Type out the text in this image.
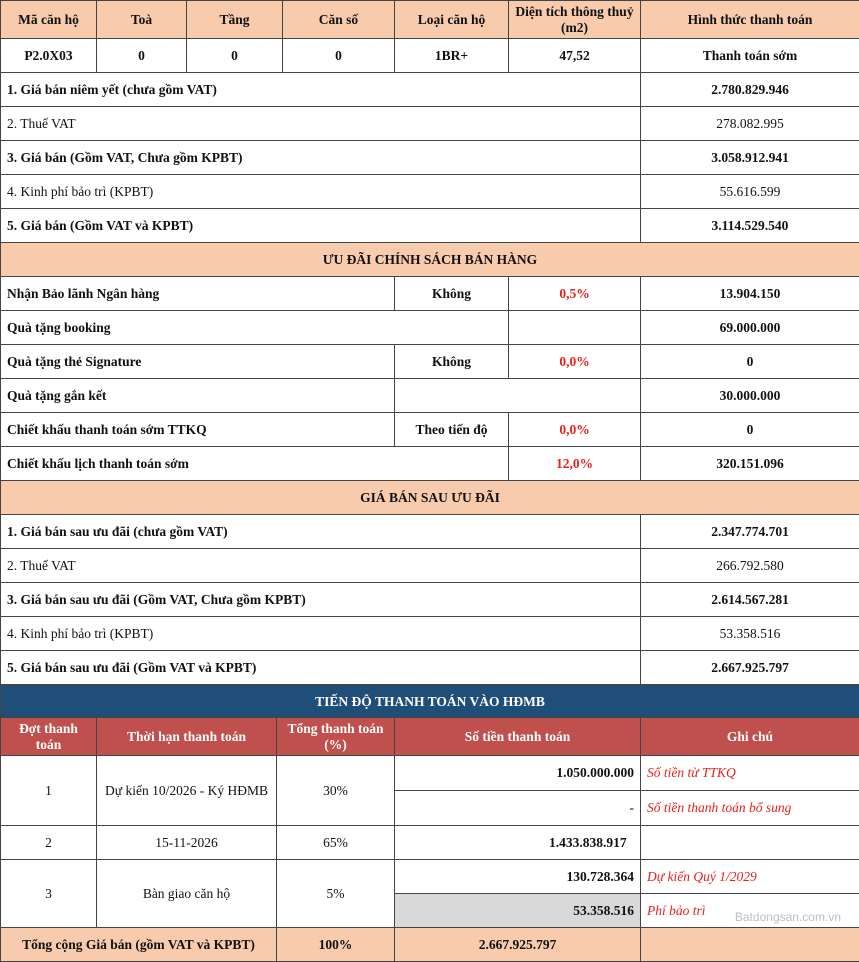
Mã căn hộ	Toà	Tầng	Căn số	Loại căn hộ	Diện tích thông thuỷ (m2)	Hình thức thanh toán
P2.0X03	0	0	0	1BR+	47,52	Thanh toán sớm
1. Giá bán niêm yết (chưa gồm VAT)						2.780.829.946
2. Thuế VAT						278.082.995
3. Giá bán (Gồm VAT, Chưa gồm KPBT)						3.058.912.941
4. Kinh phí bảo trì (KPBT)						55.616.599
5. Giá bán (Gồm VAT và KPBT)						3.114.529.540
ƯU ĐÃI CHÍNH SÁCH BÁN HÀNG						
Nhận Bảo lãnh Ngân hàng				Không	0,5%	13.904.150
Quà tặng booking						69.000.000
Quà tặng thẻ Signature				Không	0,0%	0
Quà tặng gắn kết						30.000.000
Chiết khấu thanh toán sớm TTKQ				Theo tiến độ	0,0%	0
Chiết khấu lịch thanh toán sớm					12,0%	320.151.096
GIÁ BÁN SAU ƯU ĐÃI						
1. Giá bán sau ưu đãi (chưa gồm VAT)						2.347.774.701
2. Thuế VAT						266.792.580
3. Giá bán sau ưu đãi (Gồm VAT, Chưa gồm KPBT)						2.614.567.281
4. Kinh phí bảo trì (KPBT)						53.358.516
5. Giá bán sau ưu đãi (Gồm VAT và KPBT)						2.667.925.797
TIẾN ĐỘ THANH TOÁN VÀO HĐMB				
Đợt thanh toán	Thời hạn thanh toán	Tổng thanh toán (%)	Số tiền thanh toán	Ghi chú
1	Dự kiến 10/2026 - Ký HĐMB	30%	1.050.000.000	Số tiền từ TTKQ
			-	Số tiền thanh toán bổ sung
2	15-11-2026	65%	1.433.838.917	
3	Bàn giao căn hộ	5%	130.728.364	Dự kiến Quý 1/2029
			53.358.516	Phí bảo trì
Tổng cộng Giá bán (gồm VAT và KPBT)		100%	2.667.925.797	
Batdongsan.com.vn
